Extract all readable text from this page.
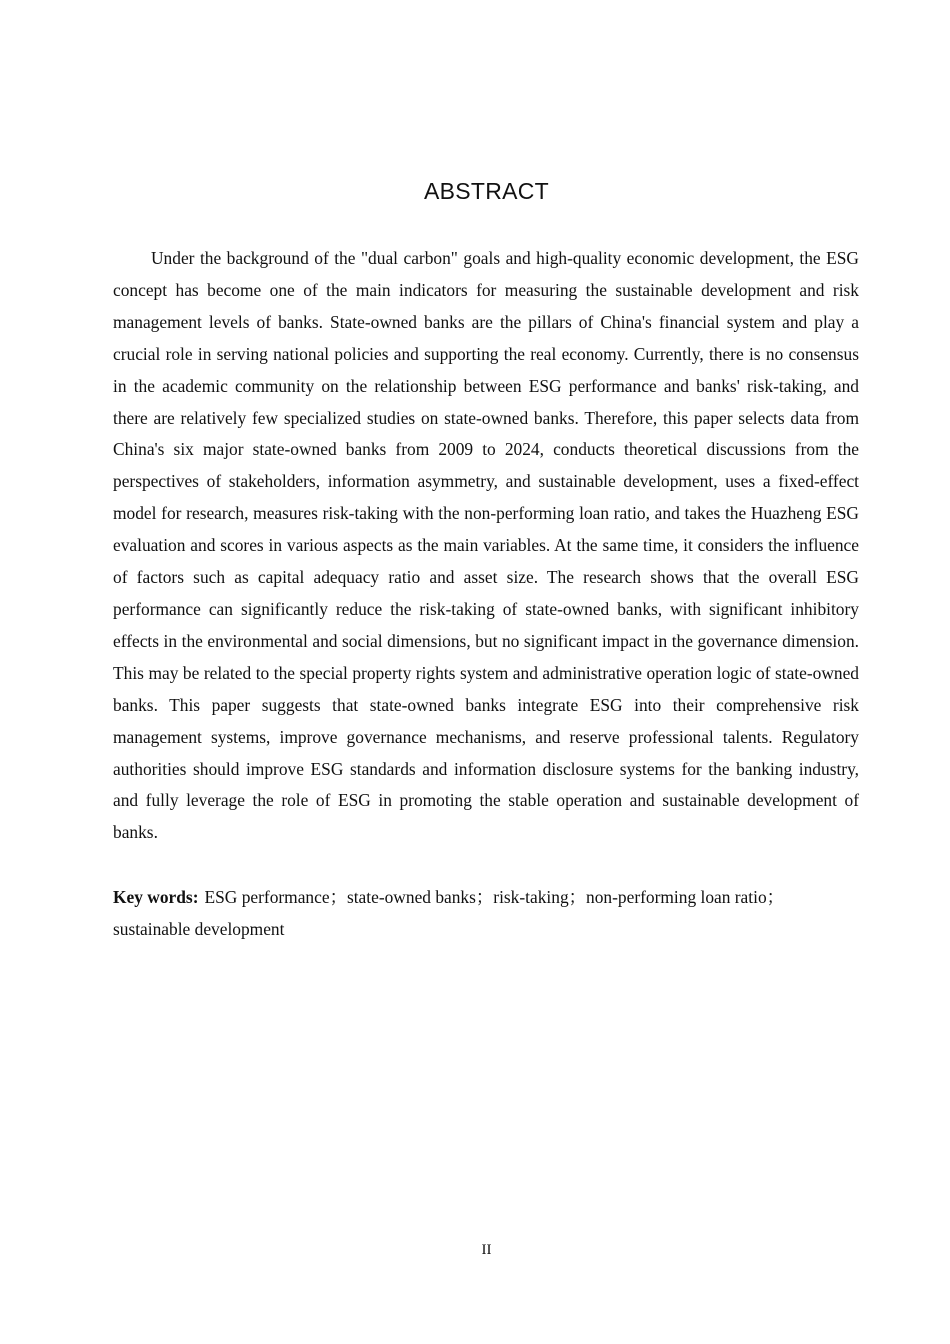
ABSTRACT

Under the background of the "dual carbon" goals and high-quality economic development, the ESG concept has become one of the main indicators for measuring the sustainable development and risk management levels of banks. State-owned banks are the pillars of China's financial system and play a crucial role in serving national policies and supporting the real economy. Currently, there is no consensus in the academic community on the relationship between ESG performance and banks' risk-taking, and there are relatively few specialized studies on state-owned banks. Therefore, this paper selects data from China's six major state-owned banks from 2009 to 2024, conducts theoretical discussions from the perspectives of stakeholders, information asymmetry, and sustainable development, uses a fixed-effect model for research, measures risk-taking with the non-performing loan ratio, and takes the Huazheng ESG evaluation and scores in various aspects as the main variables. At the same time, it considers the influence of factors such as capital adequacy ratio and asset size. The research shows that the overall ESG performance can significantly reduce the risk-taking of state-owned banks, with significant inhibitory effects in the environmental and social dimensions, but no significant impact in the governance dimension. This may be related to the special property rights system and administrative operation logic of state-owned banks. This paper suggests that state-owned banks integrate ESG into their comprehensive risk management systems, improve governance mechanisms, and reserve professional talents. Regulatory authorities should improve ESG standards and information disclosure systems for the banking industry, and fully leverage the role of ESG in promoting the stable operation and sustainable development of banks.

Key words: ESG performance；state-owned banks；risk-taking；non-performing loan ratio；sustainable development

II
